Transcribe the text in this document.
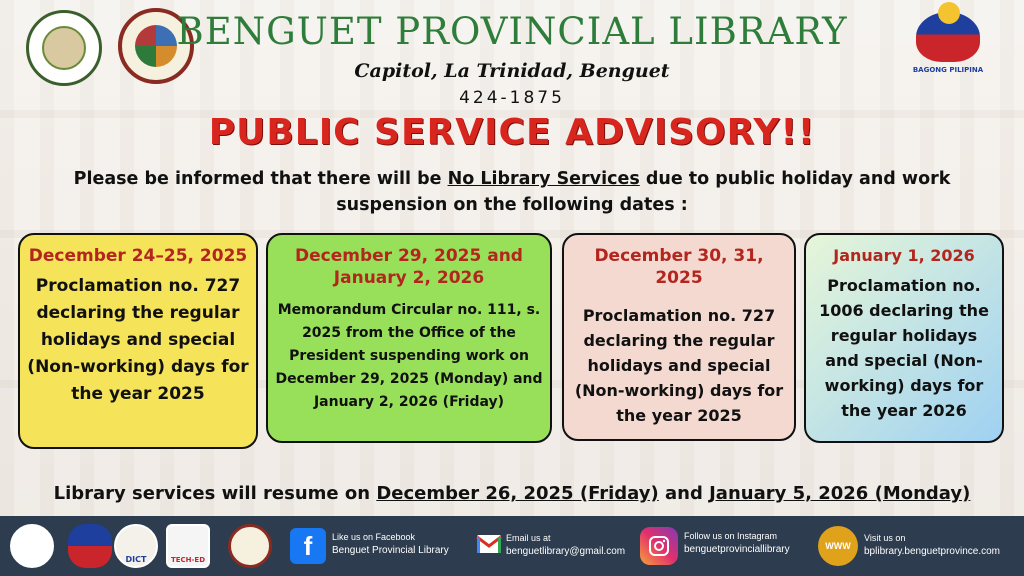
BENGUET PROVINCIAL LIBRARY
Capitol, La Trinidad, Benguet
424-1875
BAGONG PILIPINA
PUBLIC SERVICE ADVISORY!!
Please be informed that there will be No Library Services due to public holiday and work suspension on the following dates :
December 24–25, 2025
Proclamation no. 727 declaring the regular holidays and special (Non-working) days for the year 2025
December 29, 2025 and January 2, 2026
Memorandum Circular no. 111, s. 2025 from the Office of the President suspending work on December 29, 2025 (Monday) and January 2, 2026 (Friday)
December 30, 31, 2025
Proclamation no. 727 declaring the regular holidays and special (Non-working) days for the year 2025
January 1, 2026
Proclamation no. 1006 declaring the regular holidays and special (Non-working) days for the year 2026
Library services will resume on December 26, 2025 (Friday) and January 5, 2026 (Monday)
DICT	TECH-ED	f	Like us on Facebook
Benguet Provincial Library
Email us at
benguetlibrary@gmail.com
Follow us on Instagram
benguetprovinciallibrary	WWW
Visit us on
bplibrary.benguetprovince.com
